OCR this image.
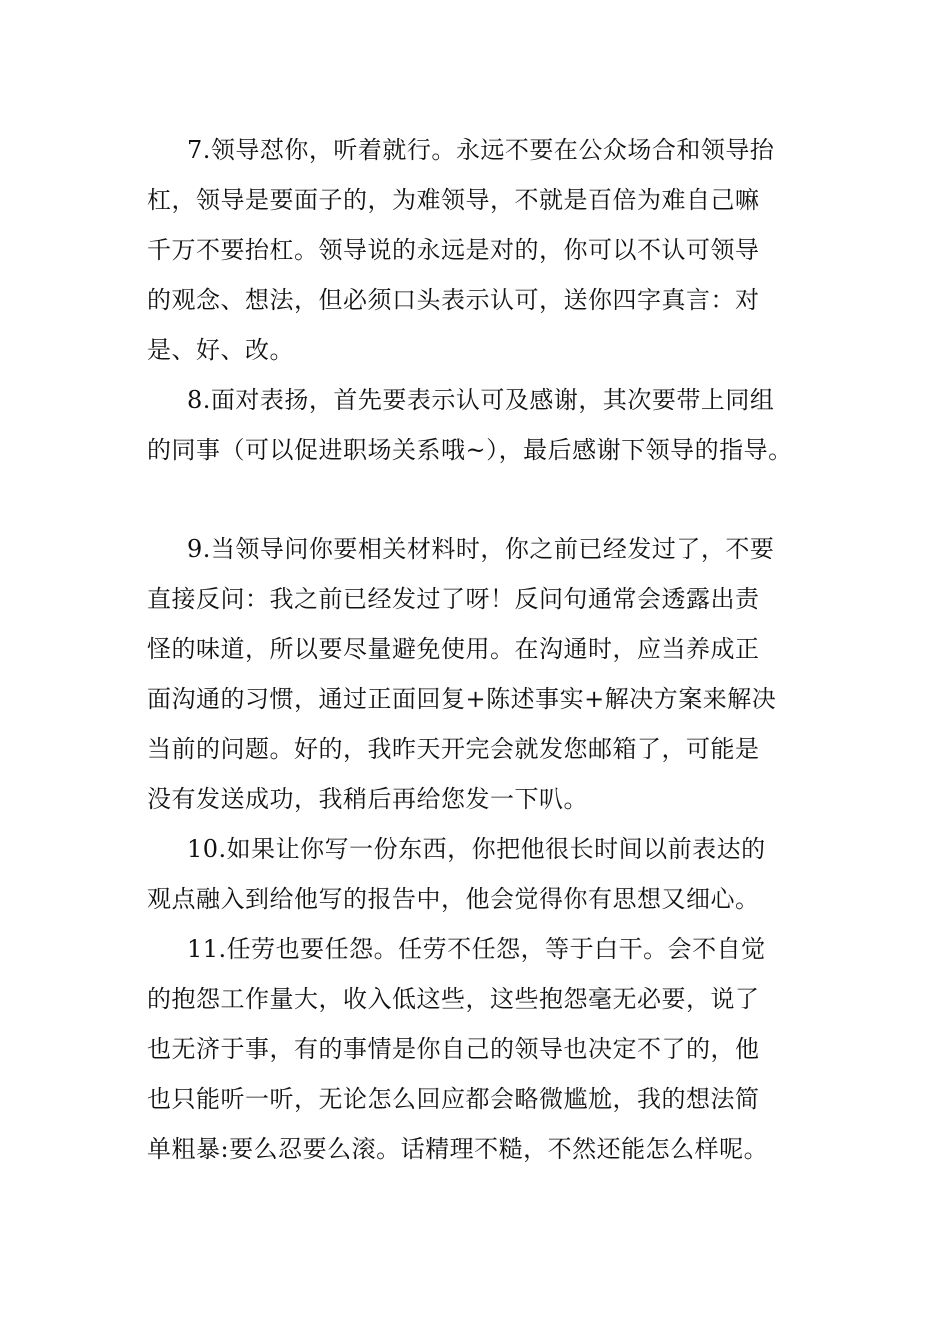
7.领导怼你，听着就行。永远不要在公众场合和领导抬

杠，领导是要面子的，为难领导，不就是百倍为难自己嘛

千万不要抬杠。领导说的永远是对的，你可以不认可领导

的观念、想法，但必须口头表示认可，送你四字真言：对

是、好、改。

8.面对表扬，首先要表示认可及感谢，其次要带上同组

的同事（可以促进职场关系哦~），最后感谢下领导的指导。

9.当领导问你要相关材料时，你之前已经发过了，不要

直接反问：我之前已经发过了呀！反问句通常会透露出责

怪的味道，所以要尽量避免使用。在沟通时，应当养成正

面沟通的习惯，通过正面回复+陈述事实+解决方案来解决

当前的问题。好的，我昨天开完会就发您邮箱了，可能是

没有发送成功，我稍后再给您发一下叭。

10.如果让你写一份东西，你把他很长时间以前表达的

观点融入到给他写的报告中，他会觉得你有思想又细心。

11.任劳也要任怨。任劳不任怨，等于白干。会不自觉

的抱怨工作量大，收入低这些，这些抱怨毫无必要，说了

也无济于事，有的事情是你自己的领导也决定不了的，他

也只能听一听，无论怎么回应都会略微尴尬，我的想法简

单粗暴:要么忍要么滚。话精理不糙，不然还能怎么样呢。
